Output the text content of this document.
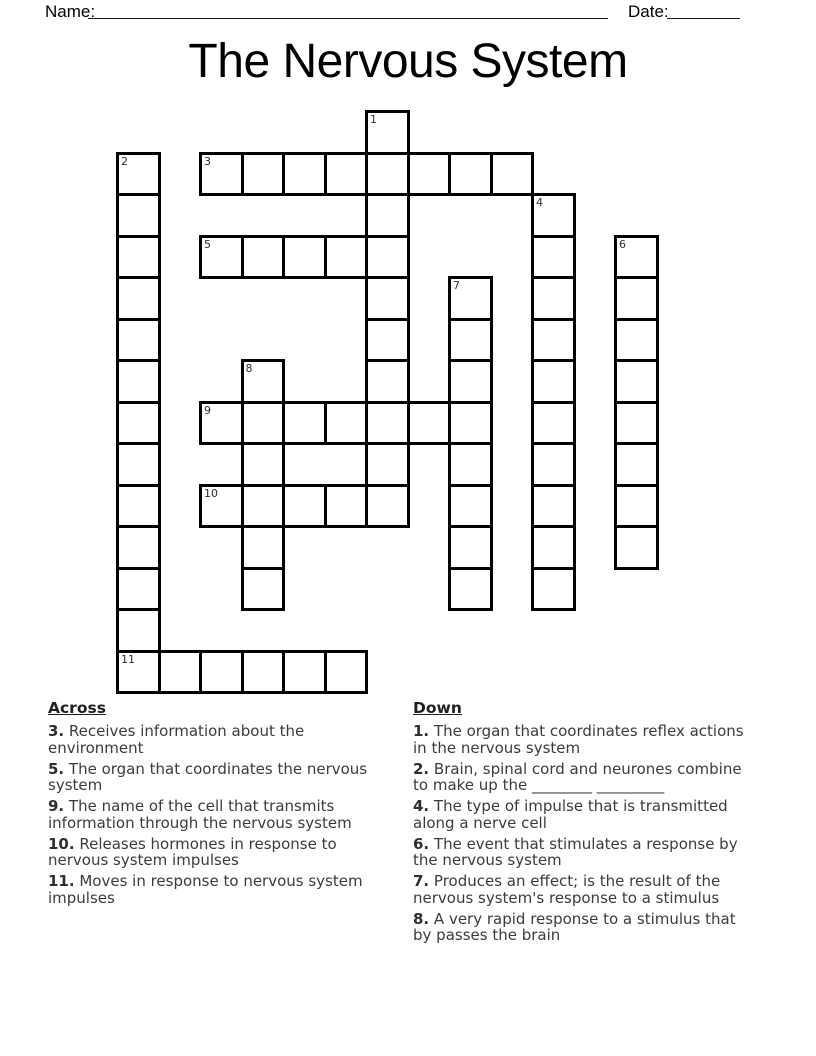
Name:	Date:
The Nervous System
1
2
11
3
4
5	6
7
8
9
10
Across

3. Receives information about the environment

5. The organ that coordinates the nervous system

9. The name of the cell that transmits information through the nervous system

10. Releases hormones in response to nervous system impulses

11. Moves in response to nervous system impulses

Down

1. The organ that coordinates reflex actions in the nervous system

2. Brain, spinal cord and neurones combine to make up the ________ _________

4. The type of impulse that is transmitted along a nerve cell

6. The event that stimulates a response by the nervous system

7. Produces an effect; is the result of the nervous system's response to a stimulus

8. A very rapid response to a stimulus that by passes the brain
